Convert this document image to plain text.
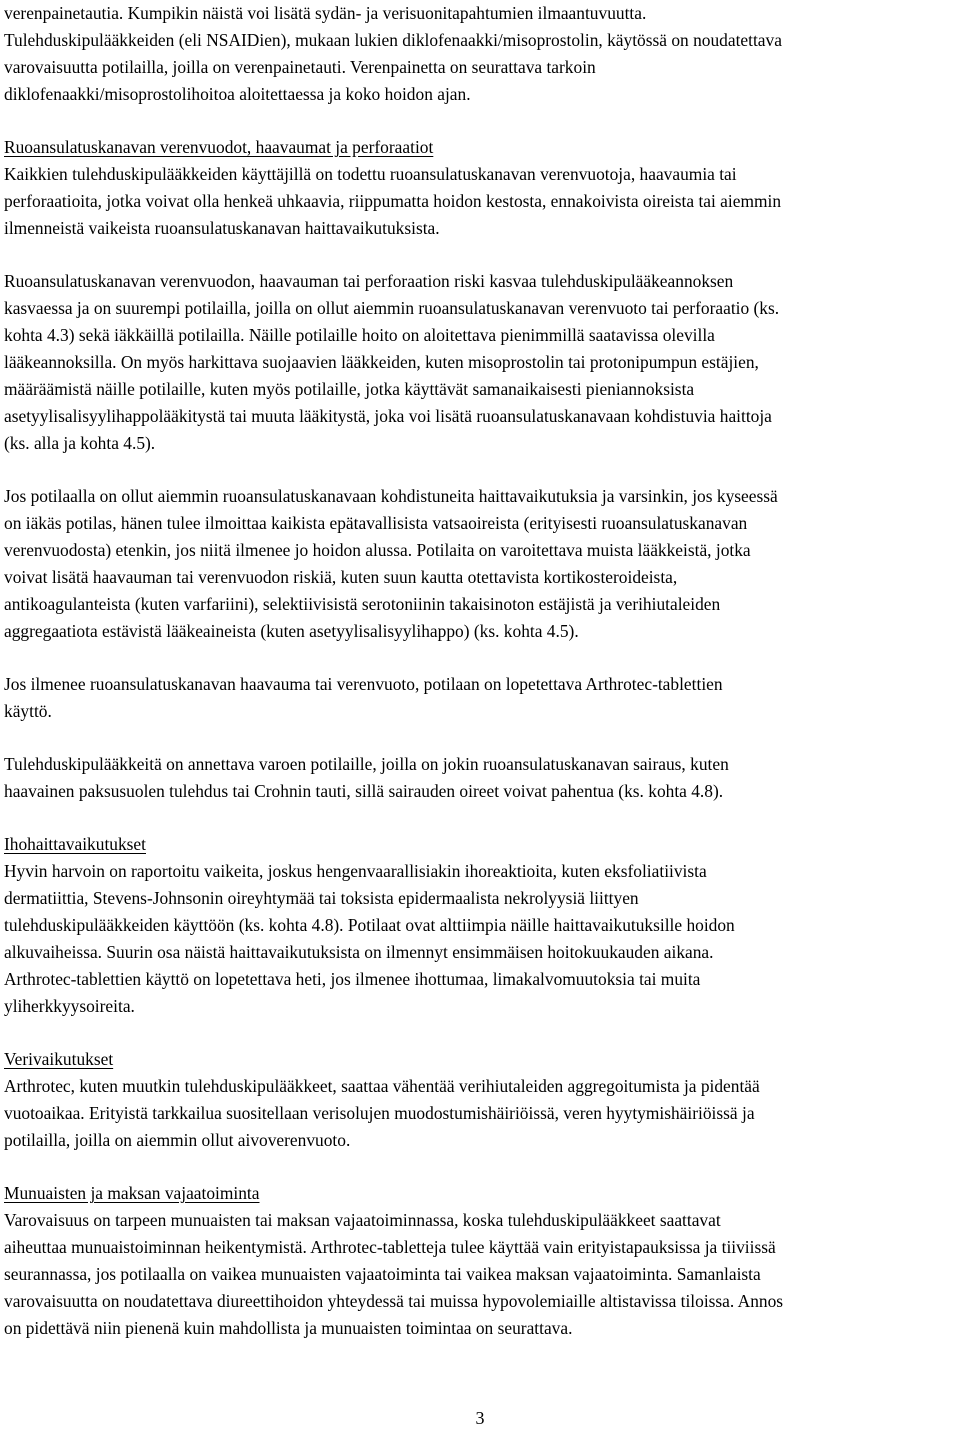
verenpainetautia. Kumpikin näistä voi lisätä sydän- ja verisuonitapahtumien ilmaantuvuutta.
Tulehduskipulääkkeiden (eli NSAIDien), mukaan lukien diklofenaakki/misoprostolin, käytössä on noudatettava
varovaisuutta potilailla, joilla on verenpainetauti. Verenpainetta on seurattava tarkoin
diklofenaakki/misoprostolihoitoa aloitettaessa ja koko hoidon ajan.
Ruoansulatuskanavan verenvuodot, haavaumat ja perforaatiot
Kaikkien tulehduskipulääkkeiden käyttäjillä on todettu ruoansulatuskanavan verenvuotoja, haavaumia tai
perforaatioita, jotka voivat olla henkeä uhkaavia, riippumatta hoidon kestosta, ennakoivista oireista tai aiemmin
ilmenneistä vaikeista ruoansulatuskanavan haittavaikutuksista.
Ruoansulatuskanavan verenvuodon, haavauman tai perforaation riski kasvaa tulehduskipulääkeannoksen
kasvaessa ja on suurempi potilailla, joilla on ollut aiemmin ruoansulatuskanavan verenvuoto tai perforaatio (ks.
kohta 4.3) sekä iäkkäillä potilailla. Näille potilaille hoito on aloitettava pienimmillä saatavissa olevilla
lääkeannoksilla. On myös harkittava suojaavien lääkkeiden, kuten misoprostolin tai protonipumpun estäjien,
määräämistä näille potilaille, kuten myös potilaille, jotka käyttävät samanaikaisesti pieniannoksista
asetyylisalisyylihappolääkitystä tai muuta lääkitystä, joka voi lisätä ruoansulatuskanavaan kohdistuvia haittoja
(ks. alla ja kohta 4.5).
Jos potilaalla on ollut aiemmin ruoansulatuskanavaan kohdistuneita haittavaikutuksia ja varsinkin, jos kyseessä
on iäkäs potilas, hänen tulee ilmoittaa kaikista epätavallisista vatsaoireista (erityisesti ruoansulatuskanavan
verenvuodosta) etenkin, jos niitä ilmenee jo hoidon alussa. Potilaita on varoitettava muista lääkkeistä, jotka
voivat lisätä haavauman tai verenvuodon riskiä, kuten suun kautta otettavista kortikosteroideista,
antikoagulanteista (kuten varfariini), selektiivisistä serotoniinin takaisinoton estäjistä ja verihiutaleiden
aggregaatiota estävistä lääkeaineista (kuten asetyylisalisyylihappo) (ks. kohta 4.5).
Jos ilmenee ruoansulatuskanavan haavauma tai verenvuoto, potilaan on lopetettava Arthrotec-tablettien
käyttö.
Tulehduskipulääkkeitä on annettava varoen potilaille, joilla on jokin ruoansulatuskanavan sairaus, kuten
haavainen paksusuolen tulehdus tai Crohnin tauti, sillä sairauden oireet voivat pahentua (ks. kohta 4.8).
Ihohaittavaikutukset
Hyvin harvoin on raportoitu vaikeita, joskus hengenvaarallisiakin ihoreaktioita, kuten eksfoliatiivista
dermatiittia, Stevens-Johnsonin oireyhtymää tai toksista epidermaalista nekrolyysiä liittyen
tulehduskipulääkkeiden käyttöön (ks. kohta 4.8). Potilaat ovat alttiimpia näille haittavaikutuksille hoidon
alkuvaiheissa. Suurin osa näistä haittavaikutuksista on ilmennyt ensimmäisen hoitokuukauden aikana.
Arthrotec-tablettien käyttö on lopetettava heti, jos ilmenee ihottumaa, limakalvomuutoksia tai muita
yliherkkyysoireita.
Verivaikutukset
Arthrotec, kuten muutkin tulehduskipulääkkeet, saattaa vähentää verihiutaleiden aggregoitumista ja pidentää
vuotoaikaa. Erityistä tarkkailua suositellaan verisolujen muodostumishäiriöissä, veren hyytymishäiriöissä ja
potilailla, joilla on aiemmin ollut aivoverenvuoto.
Munuaisten ja maksan vajaatoiminta
Varovaisuus on tarpeen munuaisten tai maksan vajaatoiminnassa, koska tulehduskipulääkkeet saattavat
aiheuttaa munuaistoiminnan heikentymistä. Arthrotec-tabletteja tulee käyttää vain erityistapauksissa ja tiiviissä
seurannassa, jos potilaalla on vaikea munuaisten vajaatoiminta tai vaikea maksan vajaatoiminta. Samanlaista
varovaisuutta on noudatettava diureettihoidon yhteydessä tai muissa hypovolemiaille altistavissa tiloissa. Annos
on pidettävä niin pienenä kuin mahdollista ja munuaisten toimintaa on seurattava.
3
